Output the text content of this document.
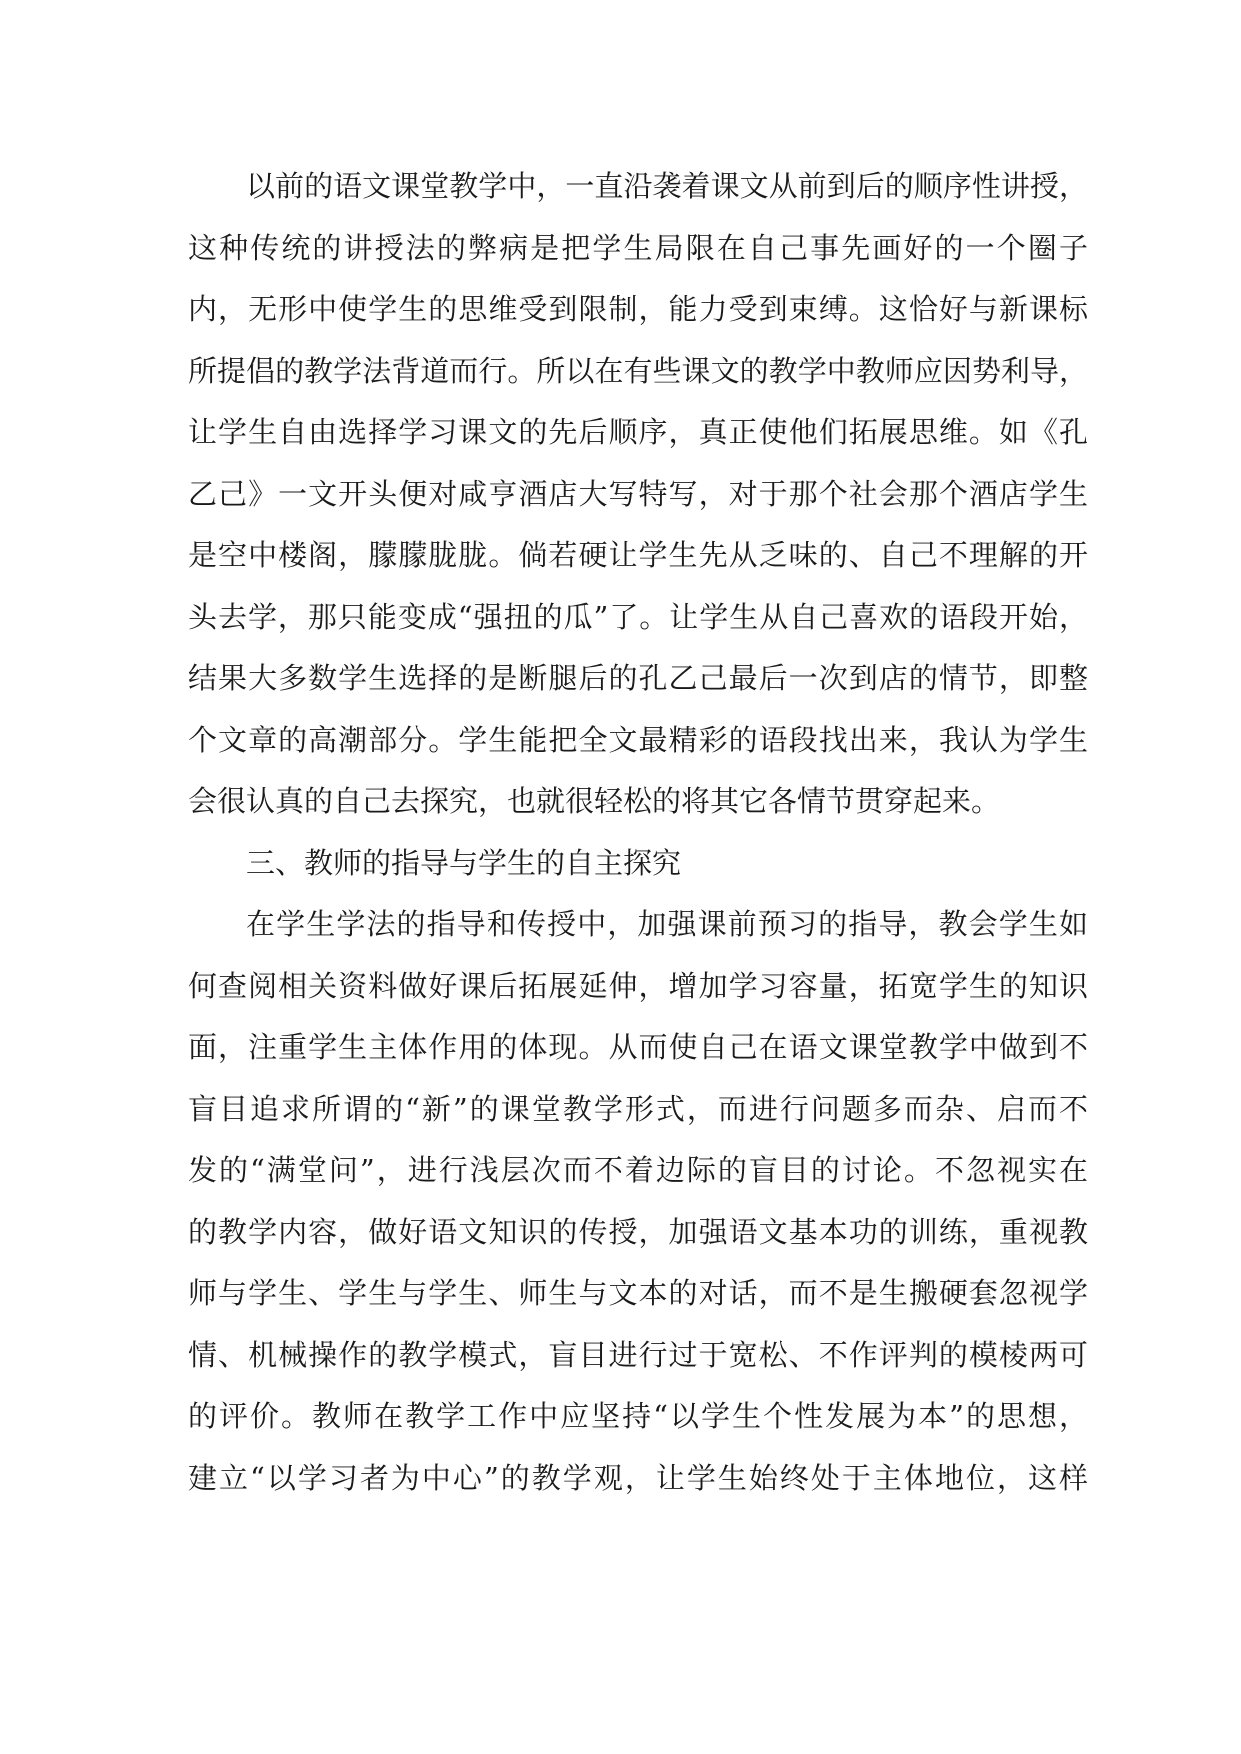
以前的语文课堂教学中，一直沿袭着课文从前到后的顺序性讲授，
这种传统的讲授法的弊病是把学生局限在自己事先画好的一个圈子
内，无形中使学生的思维受到限制，能力受到束缚。这恰好与新课标
所提倡的教学法背道而行。所以在有些课文的教学中教师应因势利导，
让学生自由选择学习课文的先后顺序，真正使他们拓展思维。如《孔
乙己》一文开头便对咸亨酒店大写特写，对于那个社会那个酒店学生
是空中楼阁，朦朦胧胧。倘若硬让学生先从乏味的、自己不理解的开
头去学，那只能变成“强扭的瓜”了。让学生从自己喜欢的语段开始，
结果大多数学生选择的是断腿后的孔乙己最后一次到店的情节，即整
个文章的高潮部分。学生能把全文最精彩的语段找出来，我认为学生
会很认真的自己去探究，也就很轻松的将其它各情节贯穿起来。
三、教师的指导与学生的自主探究
在学生学法的指导和传授中，加强课前预习的指导，教会学生如
何查阅相关资料做好课后拓展延伸，增加学习容量，拓宽学生的知识
面，注重学生主体作用的体现。从而使自己在语文课堂教学中做到不
盲目追求所谓的“新”的课堂教学形式，而进行问题多而杂、启而不
发的“满堂问”，进行浅层次而不着边际的盲目的讨论。不忽视实在
的教学内容，做好语文知识的传授，加强语文基本功的训练，重视教
师与学生、学生与学生、师生与文本的对话，而不是生搬硬套忽视学
情、机械操作的教学模式，盲目进行过于宽松、不作评判的模棱两可
的评价。教师在教学工作中应坚持“以学生个性发展为本”的思想，
建立“以学习者为中心”的教学观，让学生始终处于主体地位，这样
